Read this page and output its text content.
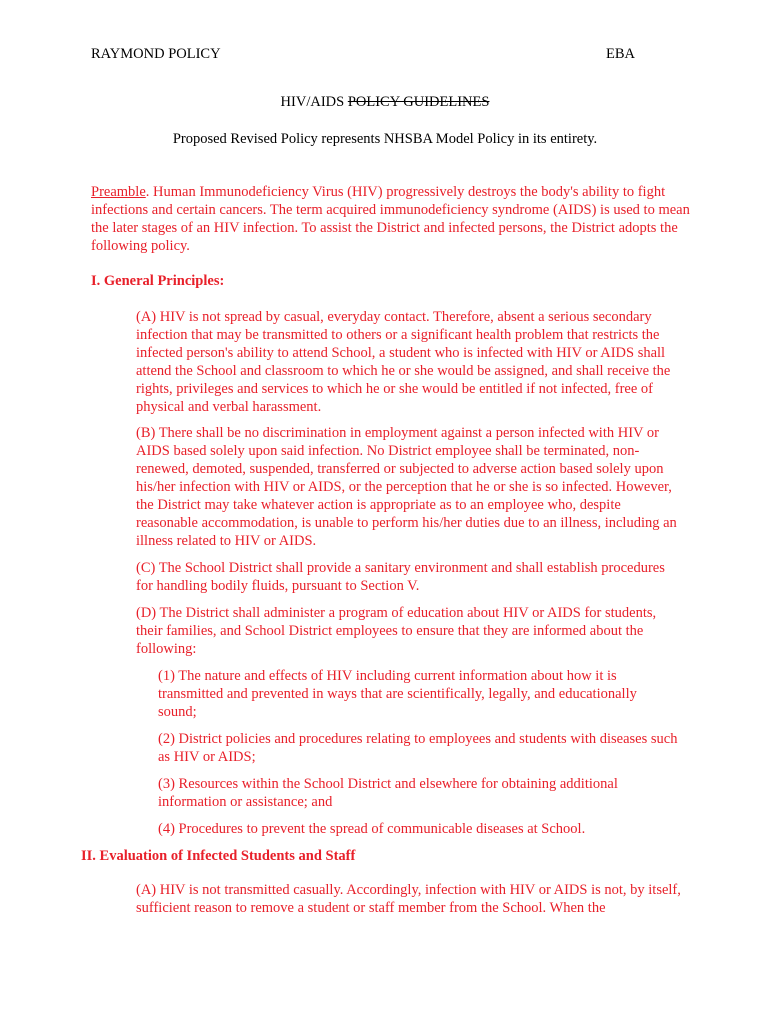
RAYMOND POLICY	EBA
HIV/AIDS POLICY GUIDELINES
Proposed Revised Policy represents NHSBA Model Policy in its entirety.
Preamble. Human Immunodeficiency Virus (HIV) progressively destroys the body's ability to fight infections and certain cancers. The term acquired immunodeficiency syndrome (AIDS) is used to mean the later stages of an HIV infection. To assist the District and infected persons, the District adopts the following policy.
I. General Principles:
(A) HIV is not spread by casual, everyday contact. Therefore, absent a serious secondary infection that may be transmitted to others or a significant health problem that restricts the infected person's ability to attend School, a student who is infected with HIV or AIDS shall attend the School and classroom to which he or she would be assigned, and shall receive the rights, privileges and services to which he or she would be entitled if not infected, free of physical and verbal harassment.
(B) There shall be no discrimination in employment against a person infected with HIV or AIDS based solely upon said infection. No District employee shall be terminated, non-renewed, demoted, suspended, transferred or subjected to adverse action based solely upon his/her infection with HIV or AIDS, or the perception that he or she is so infected. However, the District may take whatever action is appropriate as to an employee who, despite reasonable accommodation, is unable to perform his/her duties due to an illness, including an illness related to HIV or AIDS.
(C) The School District shall provide a sanitary environment and shall establish procedures for handling bodily fluids, pursuant to Section V.
(D) The District shall administer a program of education about HIV or AIDS for students, their families, and School District employees to ensure that they are informed about the following:
(1) The nature and effects of HIV including current information about how it is transmitted and prevented in ways that are scientifically, legally, and educationally sound;
(2) District policies and procedures relating to employees and students with diseases such as HIV or AIDS;
(3) Resources within the School District and elsewhere for obtaining additional information or assistance; and
(4) Procedures to prevent the spread of communicable diseases at School.
II. Evaluation of Infected Students and Staff
(A) HIV is not transmitted casually. Accordingly, infection with HIV or AIDS is not, by itself, sufficient reason to remove a student or staff member from the School. When the
